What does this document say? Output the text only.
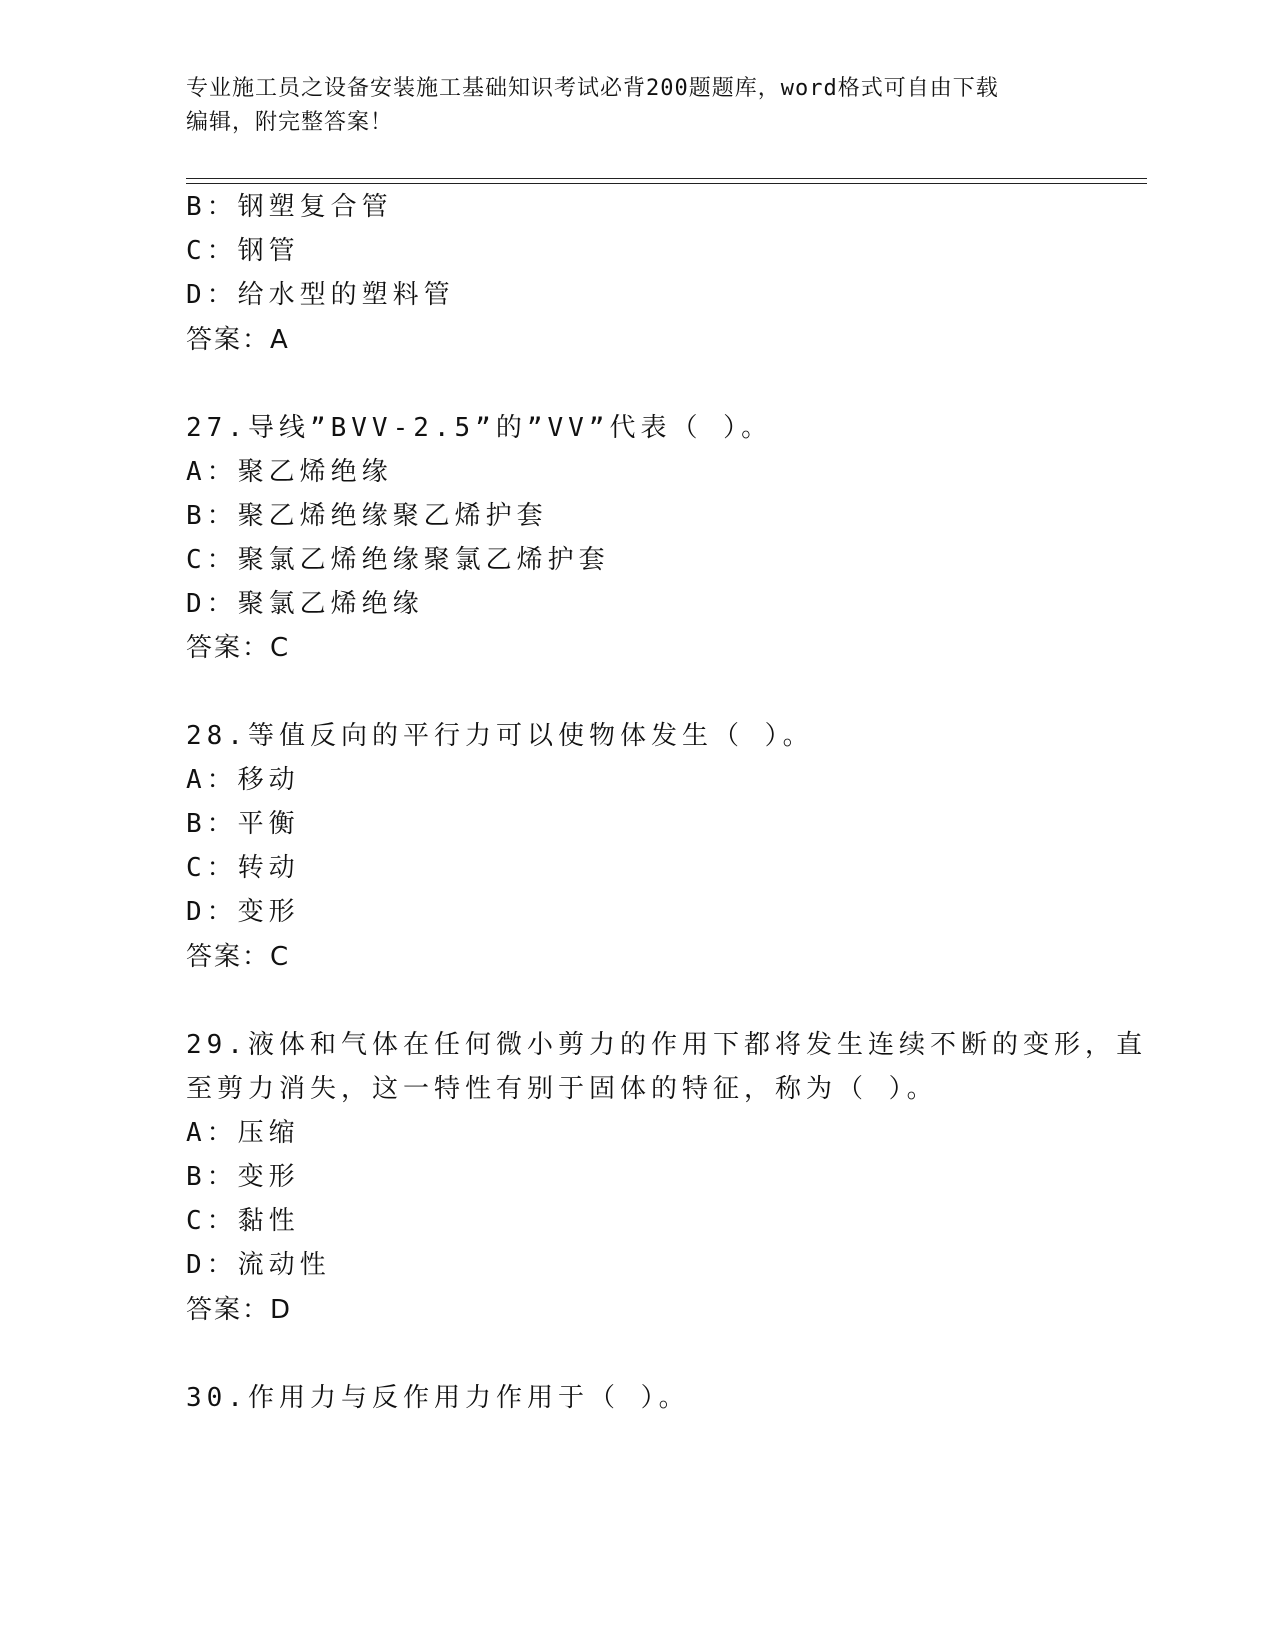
专业施工员之设备安装施工基础知识考试必背200题题库，word格式可自由下载
编辑，附完整答案！
B：钢塑复合管
C：钢管
D：给水型的塑料管
答案：A
27.导线”BVV-2.5”的”VV”代表（ ）。
A：聚乙烯绝缘
B：聚乙烯绝缘聚乙烯护套
C：聚氯乙烯绝缘聚氯乙烯护套
D：聚氯乙烯绝缘
答案：C
28.等值反向的平行力可以使物体发生（ ）。
A：移动
B：平衡
C：转动
D：变形
答案：C
29.液体和气体在任何微小剪力的作用下都将发生连续不断的变形，直
至剪力消失，这一特性有别于固体的特征，称为（ ）。
A：压缩
B：变形
C：黏性
D：流动性
答案：D
30.作用力与反作用力作用于（ ）。
